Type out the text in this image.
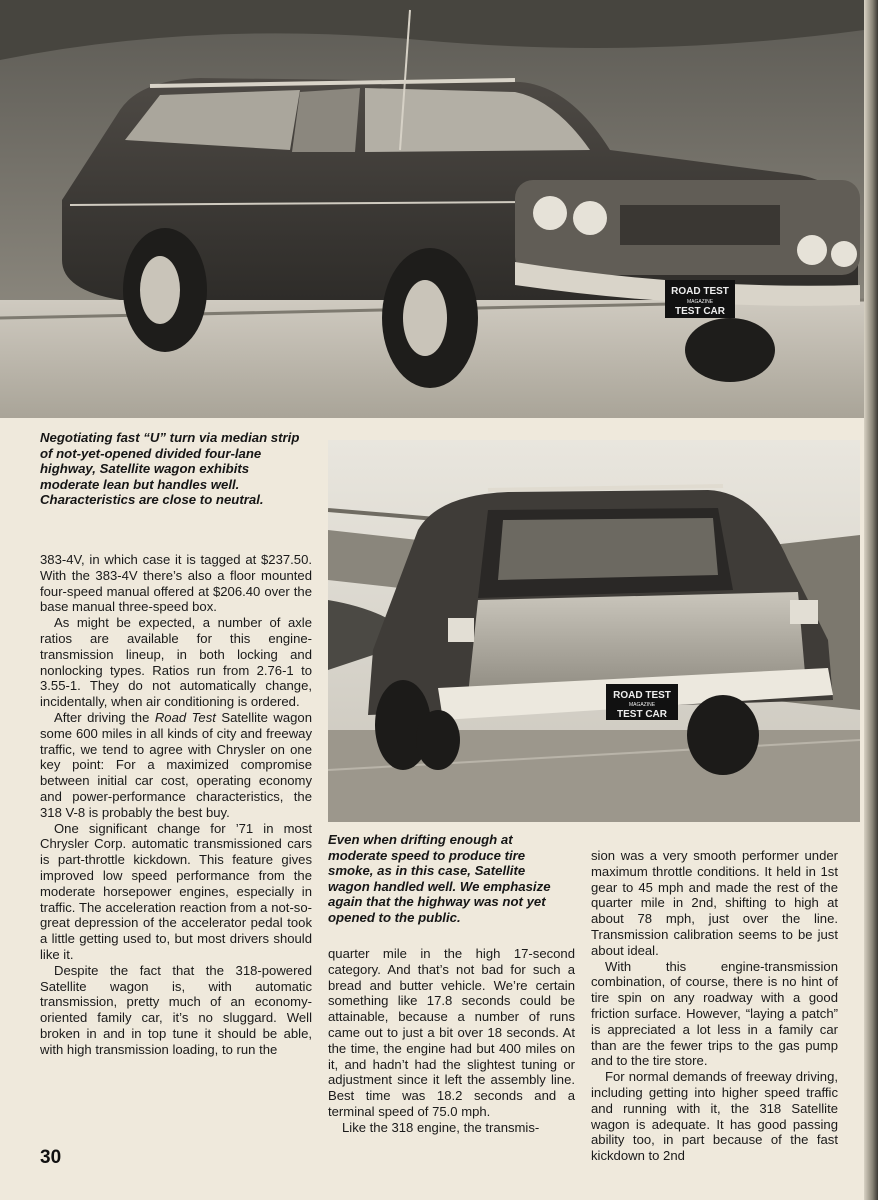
ROAD TEST
MAGAZINE
TEST CAR
Negotiating fast “U” turn via median strip of not-yet-opened divided four-lane highway, Satellite wagon exhibits moderate lean but handles well. Characteristics are close to neutral.
ROAD TEST
MAGAZINE
TEST CAR
Even when drifting enough at moderate speed to produce tire smoke, as in this case, Satellite wagon handled well. We emphasize again that the highway was not yet opened to the public.

383-4V, in which case it is tagged at $237.50. With the 383-4V there’s also a floor mounted four-speed manual offered at $206.40 over the base manual three-speed box.

As might be expected, a number of axle ratios are available for this engine-transmission lineup, in both locking and nonlocking types. Ratios run from 2.76-1 to 3.55-1. They do not automatically change, incidentally, when air conditioning is ordered.

After driving the Road Test Satellite wagon some 600 miles in all kinds of city and freeway traffic, we tend to agree with Chrysler on one key point: For a maximized compromise between initial car cost, operating economy and power-performance characteristics, the 318 V-8 is probably the best buy.

One significant change for ’71 in most Chrysler Corp. automatic transmissioned cars is part-throttle kickdown. This feature gives improved low speed performance from the moderate horsepower engines, especially in traffic. The acceleration reaction from a not-so-great depression of the accelerator pedal took a little getting used to, but most drivers should like it.

Despite the fact that the 318-powered Satellite wagon is, with automatic transmission, pretty much of an economy-oriented family car, it’s no sluggard. Well broken in and in top tune it should be able, with high transmission loading, to run the

quarter mile in the high 17-second category. And that’s not bad for such a bread and butter vehicle. We’re certain something like 17.8 seconds could be attainable, because a number of runs came out to just a bit over 18 seconds. At the time, the engine had but 400 miles on it, and hadn’t had the slightest tuning or adjustment since it left the assembly line. Best time was 18.2 seconds and a terminal speed of 75.0 mph.

Like the 318 engine, the transmis-

sion was a very smooth performer under maximum throttle conditions. It held in 1st gear to 45 mph and made the rest of the quarter mile in 2nd, shifting to high at about 78 mph, just over the line. Transmission calibration seems to be just about ideal.

With this engine-transmission combination, of course, there is no hint of tire spin on any roadway with a good friction surface. However, “laying a patch” is appreciated a lot less in a family car than are the fewer trips to the gas pump and to the tire store.

For normal demands of freeway driving, including getting into higher speed traffic and running with it, the 318 Satellite wagon is adequate. It has good passing ability too, in part because of the fast kickdown to 2nd

30
